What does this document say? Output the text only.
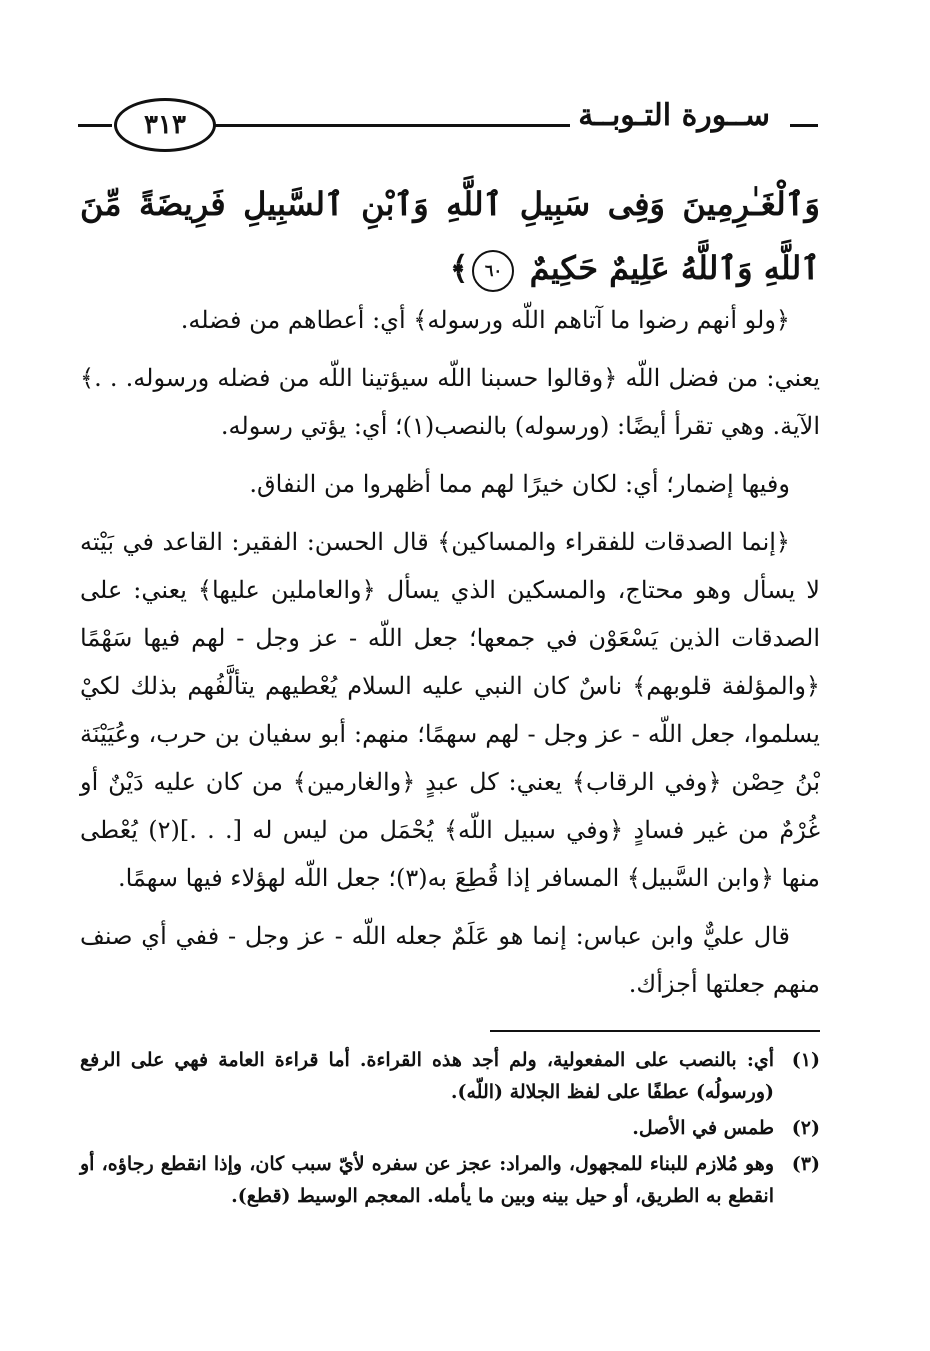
ســورة التـوبــة
٣١٣
وَٱلْغَـٰرِمِينَ وَفِى سَبِيلِ ٱللَّهِ وَٱبْنِ ٱلسَّبِيلِ فَرِيضَةً مِّنَ ٱللَّهِ وَٱللَّهُ عَلِيمٌ حَكِيمٌ ٦٠﴾

﴿ولو أنهم رضوا ما آتاهم اللّه ورسوله﴾ أي: أعطاهم من فضله.

يعني: من فضل اللّه ﴿وقالوا حسبنا اللّه سيؤتينا اللّه من فضله ورسوله. . .﴾ الآية. وهي تقرأ أيضًا: (ورسوله) بالنصب(١)؛ أي: يؤتي رسوله.

وفيها إضمار؛ أي: لكان خيرًا لهم مما أظهروا من النفاق.

﴿إنما الصدقات للفقراء والمساكين﴾ قال الحسن: الفقير: القاعد في بَيْته لا يسأل وهو محتاج، والمسكين الذي يسأل ﴿والعاملين عليها﴾ يعني: على الصدقات الذين يَسْعَوْن في جمعها؛ جعل اللّه - عز وجل - لهم فيها سَهْمًا ﴿والمؤلفة قلوبهم﴾ ناسٌ كان النبي عليه السلام يُعْطيهم يتألَّفُهم بذلك لكيْ يسلموا، جعل اللّه - عز وجل - لهم سهمًا؛ منهم: أبو سفيان بن حرب، وعُيَيْنَة بْنُ حِصْن ﴿وفي الرقاب﴾ يعني: كل عبدٍ ﴿والغارمين﴾ من كان عليه دَيْنٌ أو غُرْمٌ من غير فسادٍ ﴿وفي سبيل اللّه﴾ يُحْمَل من ليس له [. . .](٢) يُعْطى منها ﴿وابن السَّبيل﴾ المسافر إذا قُطِعَ به(٣)؛ جعل اللّه لهؤلاء فيها سهمًا.

قال عليٌّ وابن عباس: إنما هو عَلَمٌ جعله اللّه - عز وجل - ففي أي صنف منهم جعلتها أجزأك.

(١)
أي: بالنصب على المفعولية، ولم أجد هذه القراءة. أما قراءة العامة فهي على الرفع (ورسولُه) عطفًا على لفظ الجلالة (اللّه).
(٢)
طمس في الأصل.
(٣)
وهو مُلازم للبناء للمجهول، والمراد: عجز عن سفره لأيّ سبب كان، وإذا انقطع رجاؤه، أو انقطع به الطريق، أو حيل بينه وبين ما يأمله. المعجم الوسيط (قطع).
